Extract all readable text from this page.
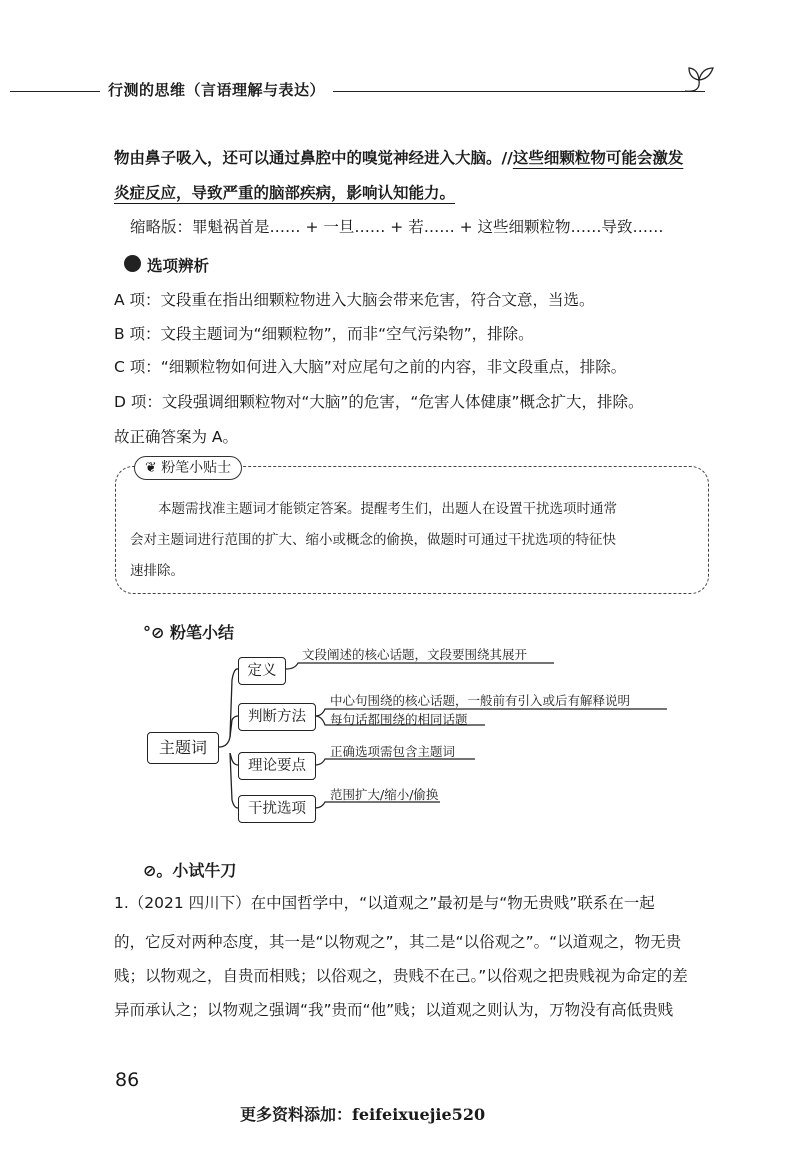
行测的思维（言语理解与表达）
物由鼻子吸入，还可以通过鼻腔中的嗅觉神经进入大脑。//这些细颗粒物可能会激发
炎症反应，导致严重的脑部疾病，影响认知能力。
缩略版：罪魁祸首是…… + 一旦…… + 若…… + 这些细颗粒物……导致……
选项辨析
A 项：文段重在指出细颗粒物进入大脑会带来危害，符合文意，当选。
B 项：文段主题词为“细颗粒物”，而非“空气污染物”，排除。
C 项：“细颗粒物如何进入大脑”对应尾句之前的内容，非文段重点，排除。
D 项：文段强调细颗粒物对“大脑”的危害，“危害人体健康”概念扩大，排除。
故正确答案为 A。
❦ 粉笔小贴士
本题需找准主题词才能锁定答案。提醒考生们，出题人在设置干扰选项时通常
会对主题词进行范围的扩大、缩小或概念的偷换，做题时可通过干扰选项的特征快
速排除。
°⊘ 粉笔小结
主题词
定义
判断方法
理论要点
干扰选项
文段阐述的核心话题，文段要围绕其展开
中心句围绕的核心话题，一般前有引入或后有解释说明
每句话都围绕的相同话题
正确选项需包含主题词
范围扩大/缩小/偷换
⊘。小试牛刀
1.（2021 四川下）在中国哲学中，“以道观之”最初是与“物无贵贱”联系在一起
的，它反对两种态度，其一是“以物观之”，其二是“以俗观之”。“以道观之，物无贵
贱；以物观之，自贵而相贱；以俗观之，贵贱不在己。”以俗观之把贵贱视为命定的差
异而承认之；以物观之强调“我”贵而“他”贱；以道观之则认为，万物没有高低贵贱
86
更多资料添加：feifeixuejie520
